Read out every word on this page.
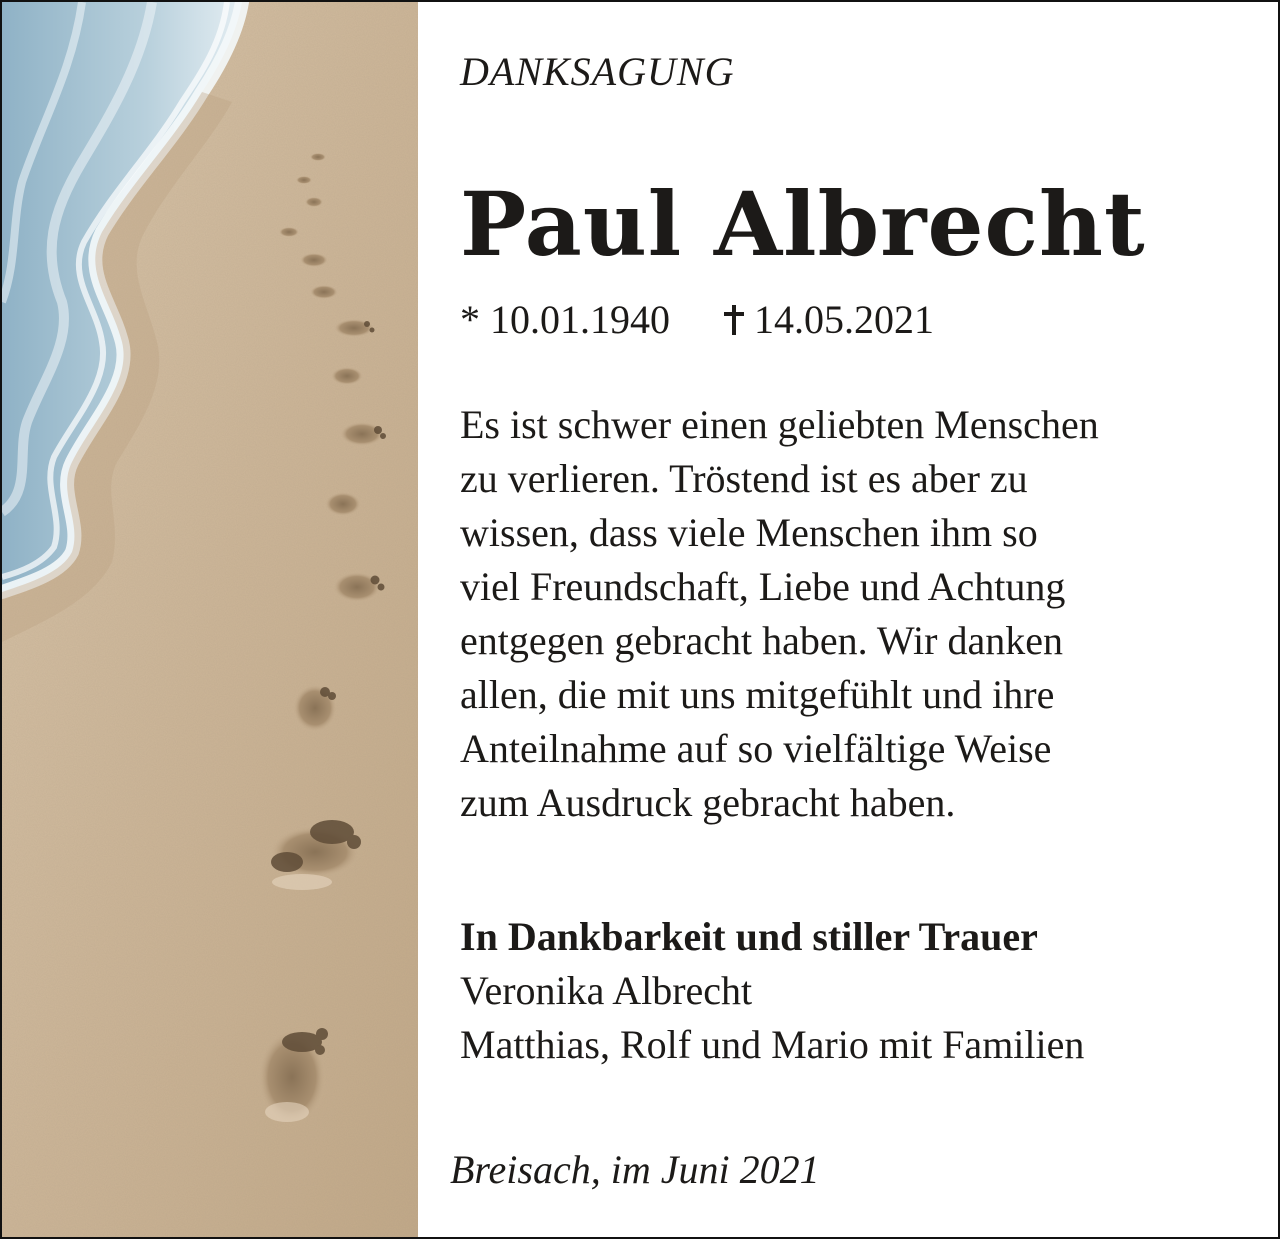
DANKSAGUNG
Paul Albrecht
* 10.01.1940 14.05.2021
Es ist schwer einen geliebten Menschen
zu verlieren. Tröstend ist es aber zu
wissen, dass viele Menschen ihm so
viel Freundschaft, Liebe und Achtung
entgegen gebracht haben. Wir danken
allen, die mit uns mitgefühlt und ihre
Anteilnahme auf so vielfältige Weise
zum Ausdruck gebracht haben.
In Dankbarkeit und stiller Trauer
Veronika Albrecht
Matthias, Rolf und Mario mit Familien
Breisach, im Juni 2021
